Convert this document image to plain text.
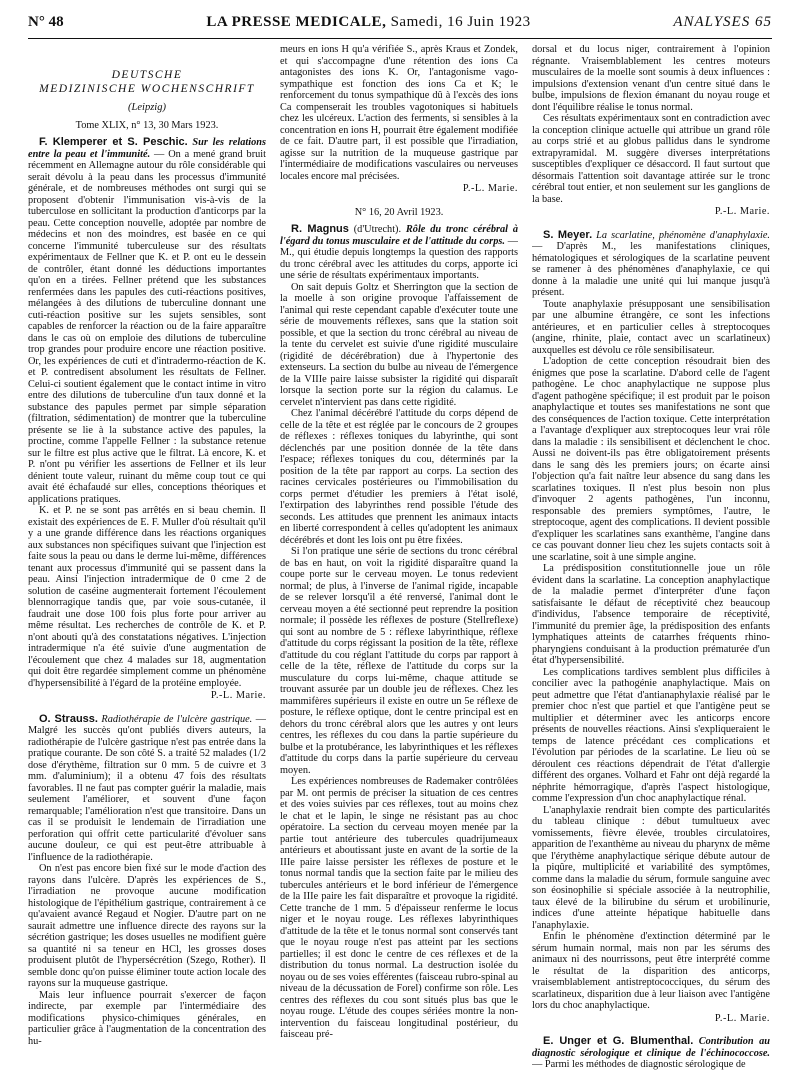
N° 48	LA PRESSE MEDICALE, Samedi, 16 Juin 1923	ANALYSES 65
DEUTSCHE
MEDIZINISCHE WOCHENSCHRIFT
(Leipzig)
Tome XLIX, n° 13, 30 Mars 1923.

F. Klemperer et S. Peschic. Sur les relations entre la peau et l'immunité. — On a mené grand bruit récemment en Allemagne autour du rôle considérable qui serait dévolu à la peau dans les processus d'immunité générale, et de nombreuses méthodes ont surgi qui se proposent d'obtenir l'immunisation vis-à-vis de la tuberculose en sollicitant la production d'anticorps par la peau. Cette conception nouvelle, adoptée par nombre de médecins et non des moindres, est basée en ce qui concerne l'immunité tuberculeuse sur des résultats expérimentaux de Fellner que K. et P. ont eu le dessein de contrôler, étant donné les déductions importantes qu'on en a tirées. Fellner prétend que les substances renfermées dans les papules des cuti-réactions positives, mélangées à des dilutions de tuberculine donnant une cuti-réaction positive sur les sujets sensibles, sont capables de renforcer la réaction ou de la faire apparaître dans le cas où on emploie des dilutions de tuberculine trop grandes pour produire encore une réaction positive. Or, les expériences de cuti et d'intradermo-réaction de K. et P. contredisent absolument les résultats de Fellner. Celui-ci soutient également que le contact intime in vitro entre des dilutions de tuberculine d'un taux donné et la substance des papules permet par simple séparation (filtration, sédimentation) de montrer que la tuberculine présente se lie à la substance active des papules, la proctine, comme l'appelle Fellner : la substance retenue sur le filtre est plus active que le filtrat. Là encore, K. et P. n'ont pu vérifier les assertions de Fellner et ils leur dénient toute valeur, ruinant du même coup tout ce qui avait été échafaudé sur elles, conceptions théoriques et applications pratiques.

K. et P. ne se sont pas arrêtés en si beau chemin. Il existait des expériences de E. F. Muller d'où résultait qu'il y a une grande différence dans les réactions organiques aux substances non spécifiques suivant que l'injection est faite sous la peau ou dans le derme lui-même, différences tenant aux processus d'immunité qui se passent dans la peau. Ainsi l'injection intradermique de 0 cme 2 de solution de caséine augmenterait fortement l'écoulement blennorragique tandis que, par voie sous-cutanée, il faudrait une dose 100 fois plus forte pour arriver au même résultat. Les recherches de contrôle de K. et P. n'ont abouti qu'à des constatations négatives. L'injection intradermique n'a été suivie d'une augmentation de l'écoulement que chez 4 malades sur 18, augmentation qui doit être regardée simplement comme un phénomène d'hypersensibilité à l'égard de la protéine employée.

P.-L. Marie.

O. Strauss. Radiothérapie de l'ulcère gastrique. — Malgré les succès qu'ont publiés divers auteurs, la radiothérapie de l'ulcère gastrique n'est pas entrée dans la pratique courante. De son côté S. a traité 52 malades (1/2 dose d'érythème, filtration sur 0 mm. 5 de cuivre et 3 mm. d'aluminium); il a obtenu 47 fois des résultats favorables. Il ne faut pas compter guérir la maladie, mais seulement l'améliorer, et souvent d'une façon remarquable; l'amélioration n'est que transitoire. Dans un cas il se produisit le lendemain de l'irradiation une perforation qui offrit cette particularité d'évoluer sans aucune douleur, ce qui est peut-être attribuable à l'influence de la radiothérapie.

On n'est pas encore bien fixé sur le mode d'action des rayons dans l'ulcère. D'après les expériences de S., l'irradiation ne provoque aucune modification histologique de l'épithélium gastrique, contrairement à ce qu'avaient avancé Regaud et Nogier. D'autre part on ne saurait admettre une influence directe des rayons sur la sécrétion gastrique; les doses usuelles ne modifient guère sa quantité ni sa teneur en HCl, les grosses doses produisent plutôt de l'hypersécrétion (Szego, Rother). Il semble donc qu'on puisse éliminer toute action locale des rayons sur la muqueuse gastrique.

Mais leur influence pourrait s'exercer de façon indirecte, par exemple par l'intermédiaire des modifications physico-chimiques générales, en particulier grâce à l'augmentation de la concentration des hu-

meurs en ions H qu'a vérifiée S., après Kraus et Zondek, et qui s'accompagne d'une rétention des ions Ca antagonistes des ions K. Or, l'antagonisme vago-sympathique est fonction des ions Ca et K; le renforcement du tonus sympathique dû à l'excès des ions Ca compenserait les troubles vagotoniques si habituels chez les ulcéreux. L'action des ferments, si sensibles à la concentration en ions H, pourrait être également modifiée de ce fait. D'autre part, il est possible que l'irradiation, agisse sur la nutrition de la muqueuse gastrique par l'intermédiaire de modifications vasculaires ou nerveuses locales encore mal précisées.

P.-L. Marie.
N° 16, 20 Avril 1923.

R. Magnus (d'Utrecht). Rôle du tronc cérébral à l'égard du tonus musculaire et de l'attitude du corps. — M., qui étudie depuis longtemps la question des rapports du tronc cérébral avec les attitudes du corps, apporte ici une série de résultats expérimentaux importants.

On sait depuis Goltz et Sherrington que la section de la moelle à son origine provoque l'affaissement de l'animal qui reste cependant capable d'exécuter toute une série de mouvements réflexes, sans que la station soit possible, et que la section du tronc cérébral au niveau de la tente du cervelet est suivie d'une rigidité musculaire (rigidité de décérébration) due à l'hypertonie des extenseurs. La section du bulbe au niveau de l'émergence de la VIIIe paire laisse subsister la rigidité qui disparaît lorsque la section porte sur la région du calamus. Le cervelet n'intervient pas dans cette rigidité.

Chez l'animal décérébré l'attitude du corps dépend de celle de la tête et est réglée par le concours de 2 groupes de réflexes : réflexes toniques du labyrinthe, qui sont déclenchés par une position donnée de la tête dans l'espace; réflexes toniques du cou, déterminés par la position de la tête par rapport au corps. La section des racines cervicales postérieures ou l'immobilisation du corps permet d'étudier les premiers à l'état isolé, l'extirpation des labyrinthes rend possible l'étude des seconds. Les attitudes que prennent les animaux intacts en liberté correspondent à celles qu'adoptent les animaux décérébrés et dont les lois ont pu être fixées.

Si l'on pratique une série de sections du tronc cérébral de bas en haut, on voit la rigidité disparaître quand la coupe porte sur le cerveau moyen. Le tonus redevient normal; de plus, à l'inverse de l'animal rigide, incapable de se relever lorsqu'il a été renversé, l'animal dont le cerveau moyen a été sectionné peut reprendre la position normale; il possède les réflexes de posture (Stellreflexe) qui sont au nombre de 5 : réflexe labyrinthique, réflexe d'attitude du corps régissant la position de la tête, réflexe d'attitude du cou réglant l'attitude du corps par rapport à celle de la tête, réflexe de l'attitude du corps sur la musculature du corps lui-même, chaque attitude se trouvant assurée par un double jeu de réflexes. Chez les mammifères supérieurs il existe en outre un 5e réflexe de posture, le réflexe optique, dont le centre principal est en dehors du tronc cérébral alors que les autres y ont leurs centres, les réflexes du cou dans la partie supérieure du bulbe et la protubérance, les labyrinthiques et les réflexes d'attitude du corps dans la partie supérieure du cerveau moyen.

Les expériences nombreuses de Rademaker contrôlées par M. ont permis de préciser la situation de ces centres et des voies suivies par ces réflexes, tout au moins chez le chat et le lapin, le singe ne résistant pas au choc opératoire. La section du cerveau moyen menée par la partie tout antérieure des tubercules quadrijumeaux antérieurs et aboutissant juste en avant de la sortie de la IIIe paire laisse persister les réflexes de posture et le tonus normal tandis que la section faite par le milieu des tubercules antérieurs et le bord inférieur de l'émergence de la IIIe paire les fait disparaître et provoque la rigidité. Cette tranche de 1 mm. 5 d'épaisseur renferme le locus niger et le noyau rouge. Les réflexes labyrinthiques d'attitude de la tête et le tonus normal sont conservés tant que le noyau rouge n'est pas atteint par les sections partielles; il est donc le centre de ces réflexes et de la distribution du tonus normal. La destruction isolée du noyau ou de ses voies efférentes (faisceau rubro-spinal au niveau de la décussation de Forel) confirme son rôle. Les centres des réflexes du cou sont situés plus bas que le noyau rouge. L'étude des coupes sériées montre la non-intervention du faisceau longitudinal postérieur, du faisceau pré-

dorsal et du locus niger, contrairement à l'opinion régnante. Vraisemblablement les centres moteurs musculaires de la moelle sont soumis à deux influences : impulsions d'extension venant d'un centre situé dans le bulbe, impulsions de flexion émanant du noyau rouge et dont l'équilibre réalise le tonus normal.

Ces résultats expérimentaux sont en contradiction avec la conception clinique actuelle qui attribue un grand rôle au corps strié et au globus pallidus dans le syndrome extrapyramidal. M. suggère diverses interprétations susceptibles d'expliquer ce désaccord. Il faut surtout que désormais l'attention soit davantage attirée sur le tronc cérébral tout entier, et non seulement sur les ganglions de la base.

P.-L. Marie.

S. Meyer. La scarlatine, phénomène d'anaphylaxie. — D'après M., les manifestations cliniques, hématologiques et sérologiques de la scarlatine peuvent se ramener à des phénomènes d'anaphylaxie, ce qui donne à la maladie une unité qui lui manque jusqu'à présent.

Toute anaphylaxie présupposant une sensibilisation par une albumine étrangère, ce sont les infections antérieures, et en particulier celles à streptocoques (angine, rhinite, plaie, contact avec un scarlatineux) auxquelles est dévolu ce rôle sensibilisateur.

L'adoption de cette conception résoudrait bien des énigmes que pose la scarlatine. D'abord celle de l'agent pathogène. Le choc anaphylactique ne suppose plus d'agent pathogène spécifique; il est produit par le poison anaphylactique et toutes ses manifestations ne sont que des conséquences de l'action toxique. Cette interprétation a l'avantage d'expliquer aux streptocoques leur vrai rôle dans la maladie : ils sensibilisent et déclenchent le choc. Aussi ne doivent-ils pas être obligatoirement présents dans le sang dès les premiers jours; on écarte ainsi l'objection qu'a fait naître leur absence du sang dans les scarlatines toxiques. Il n'est plus besoin non plus d'invoquer 2 agents pathogènes, l'un inconnu, responsable des premiers symptômes, l'autre, le streptocoque, agent des complications. Il devient possible d'expliquer les scarlatines sans exanthème, l'angine dans ce cas pouvant donner lieu chez les sujets contacts soit à une scarlatine, soit à une simple angine.

La prédisposition constitutionnelle joue un rôle évident dans la scarlatine. La conception anaphylactique de la maladie permet d'interpréter d'une façon satisfaisante le défaut de réceptivité chez beaucoup d'individus, l'absence temporaire de réceptivité, l'immunité du premier âge, la prédisposition des enfants lymphatiques atteints de catarrhes fréquents rhino-pharyngiens conduisant à la production prématurée d'un état d'hypersensibilité.

Les complications tardives semblent plus difficiles à concilier avec la pathogénie anaphylactique. Mais on peut admettre que l'état d'antianaphylaxie réalisé par le premier choc n'est que partiel et que l'antigène peut se multiplier et déterminer avec les anticorps encore présents de nouvelles réactions. Ainsi s'expliqueraient le temps de latence précédant ces complications et l'évolution par périodes de la scarlatine. Le lieu où se déroulent ces réactions dépendrait de l'état d'allergie différent des organes. Volhard et Fahr ont déjà regardé la néphrite hémorragique, d'après l'aspect histologique, comme l'expression d'un choc anaphylactique rénal.

L'anaphylaxie rendrait bien compte des particularités du tableau clinique : début tumultueux avec vomissements, fièvre élevée, troubles circulatoires, apparition de l'exanthème au niveau du pharynx de même que l'érythème anaphylactique sérique débute autour de la piqûre, multiplicité et variabilité des symptômes, comme dans la maladie du sérum, formule sanguine avec son éosinophilie si spéciale associée à la neutrophilie, taux élevé de la bilirubine du sérum et urobilinurie, indices d'une atteinte hépatique habituelle dans l'anaphylaxie.

Enfin le phénomène d'extinction déterminé par le sérum humain normal, mais non par les sérums des animaux ni des nourrissons, peut être interprété comme le résultat de la disparition des anticorps, vraisemblablement antistreptococciques, du sérum des scarlatineux, disparition due à leur liaison avec l'antigène lors du choc anaphylactique.

P.-L. Marie.

E. Unger et G. Blumenthal. Contribution au diagnostic sérologique et clinique de l'échinococcose. — Parmi les méthodes de diagnostic sérologique de
